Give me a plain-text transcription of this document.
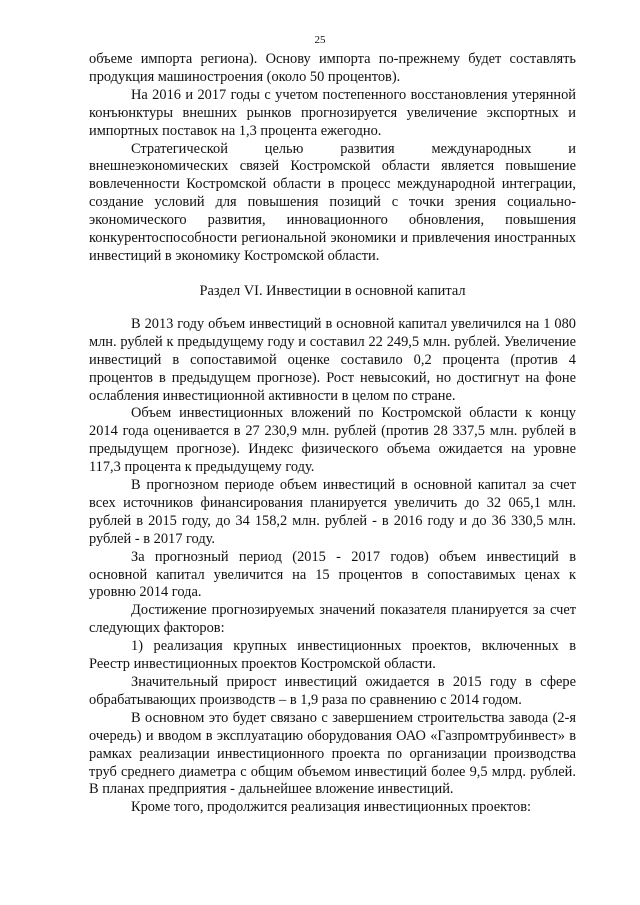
25

объеме импорта региона). Основу импорта по-прежнему будет составлять продукция машиностроения (около 50 процентов).

На 2016 и 2017 годы с учетом постепенного восстановления утерянной конъюнктуры внешних рынков прогнозируется увеличение экспортных и импортных поставок на 1,3 процента ежегодно.

Стратегической целью развития международных и внешнеэкономических связей Костромской области является повышение вовлеченности Костромской области в процесс международной интеграции, создание условий для повышения позиций с точки зрения социально-экономического развития, инновационного обновления, повышения конкурентоспособности региональной экономики и привлечения иностранных инвестиций в экономику Костромской области.

Раздел VI. Инвестиции в основной капитал

В 2013 году объем инвестиций в основной капитал увеличился на 1 080 млн. рублей к предыдущему году и составил 22 249,5 млн. рублей. Увеличение инвестиций в сопоставимой оценке составило 0,2 процента (против 4 процентов в предыдущем прогнозе). Рост невысокий, но достигнут на фоне ослабления инвестиционной активности в целом по стране.

Объем инвестиционных вложений по Костромской области к концу 2014 года оценивается в 27 230,9 млн. рублей (против 28 337,5 млн. рублей в предыдущем прогнозе). Индекс физического объема ожидается на уровне 117,3 процента к предыдущему году.

В прогнозном периоде объем инвестиций в основной капитал за счет всех источников финансирования планируется увеличить до 32 065,1 млн. рублей в 2015 году, до 34 158,2 млн. рублей - в 2016 году и до 36 330,5 млн. рублей - в 2017 году.

За прогнозный период (2015 - 2017 годов) объем инвестиций в основной капитал увеличится на 15 процентов в сопоставимых ценах к уровню 2014 года.

Достижение прогнозируемых значений показателя планируется за счет следующих факторов:

1) реализация крупных инвестиционных проектов, включенных в Реестр инвестиционных проектов Костромской области.

Значительный прирост инвестиций ожидается в 2015 году в сфере обрабатывающих производств – в 1,9 раза по сравнению с 2014 годом.

В основном это будет связано с завершением строительства завода (2-я очередь) и вводом в эксплуатацию оборудования ОАО «Газпромтрубинвест» в рамках реализации инвестиционного проекта по организации производства труб среднего диаметра с общим объемом инвестиций более 9,5 млрд. рублей. В планах предприятия - дальнейшее вложение инвестиций.

Кроме того, продолжится реализация инвестиционных проектов:
